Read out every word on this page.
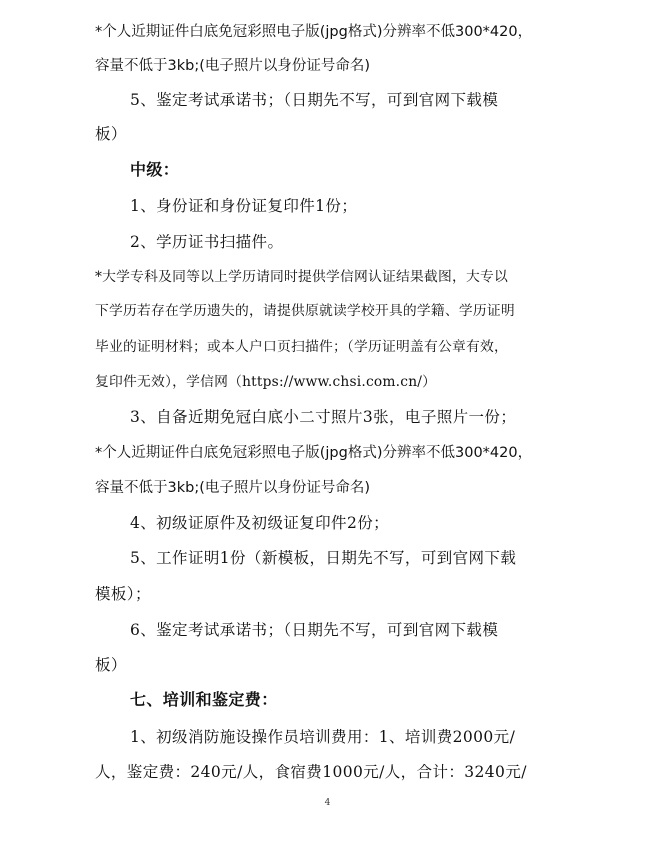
*个人近期证件白底免冠彩照电子版(jpg格式)分辨率不低300*420，
容量不低于3kb;(电子照片以身份证号命名)
5、鉴定考试承诺书；（日期先不写，可到官网下载模
板）
中级：
1、身份证和身份证复印件1份；
2、学历证书扫描件。
*大学专科及同等以上学历请同时提供学信网认证结果截图，大专以
下学历若存在学历遗失的，请提供原就读学校开具的学籍、学历证明
毕业的证明材料；或本人户口页扫描件；（学历证明盖有公章有效，
复印件无效），学信网（https://www.chsi.com.cn/）
3、自备近期免冠白底小二寸照片3张，电子照片一份；
*个人近期证件白底免冠彩照电子版(jpg格式)分辨率不低300*420，
容量不低于3kb;(电子照片以身份证号命名)
4、初级证原件及初级证复印件2份；
5、工作证明1份（新模板，日期先不写，可到官网下载
模板）；
6、鉴定考试承诺书；（日期先不写，可到官网下载模
板）
七、培训和鉴定费：
1、初级消防施设操作员培训费用：1、培训费2000元/
人，鉴定费：240元/人，食宿费1000元/人，合计：3240元/
4
